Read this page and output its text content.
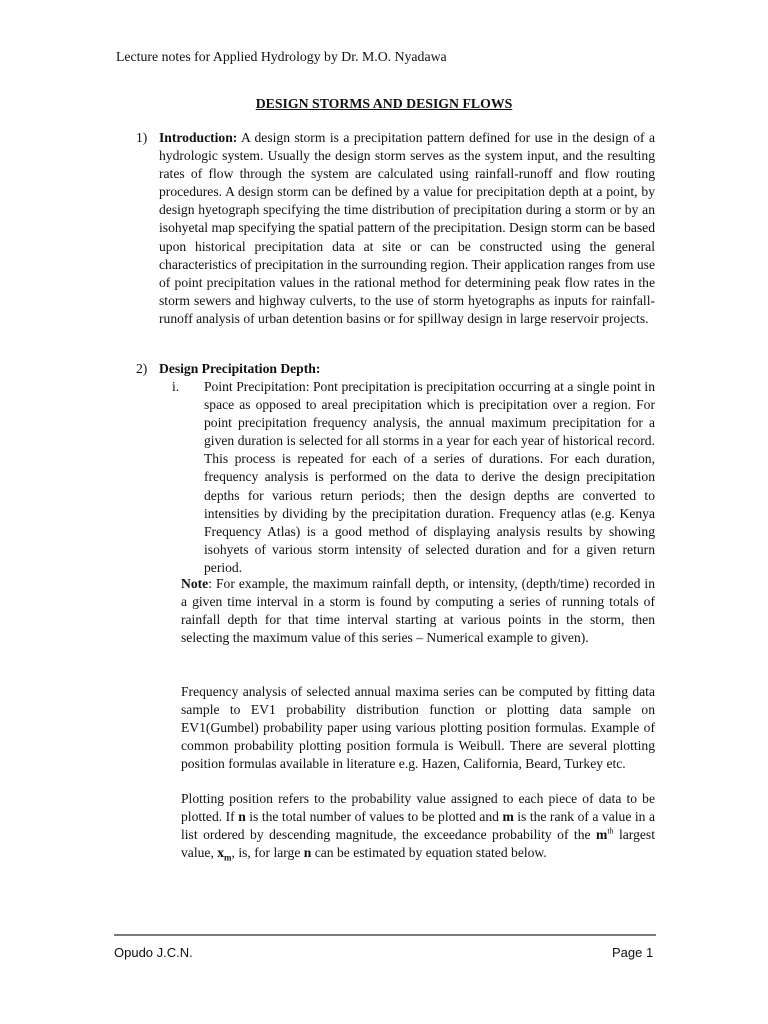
Lecture notes for Applied Hydrology by Dr. M.O. Nyadawa
DESIGN STORMS AND DESIGN FLOWS
1) Introduction: A design storm is a precipitation pattern defined for use in the design of a hydrologic system. Usually the design storm serves as the system input, and the resulting rates of flow through the system are calculated using rainfall-runoff and flow routing procedures. A design storm can be defined by a value for precipitation depth at a point, by design hyetograph specifying the time distribution of precipitation during a storm or by an isohyetal map specifying the spatial pattern of the precipitation. Design storm can be based upon historical precipitation data at site or can be constructed using the general characteristics of precipitation in the surrounding region. Their application ranges from use of point precipitation values in the rational method for determining peak flow rates in the storm sewers and highway culverts, to the use of storm hyetographs as inputs for rainfall-runoff analysis of urban detention basins or for spillway design in large reservoir projects.
2) Design Precipitation Depth:
i.	Point Precipitation: Pont precipitation is precipitation occurring at a single point in space as opposed to areal precipitation which is precipitation over a region. For point precipitation frequency analysis, the annual maximum precipitation for a given duration is selected for all storms in a year for each year of historical record. This process is repeated for each of a series of durations. For each duration, frequency analysis is performed on the data to derive the design precipitation depths for various return periods; then the design depths are converted to intensities by dividing by the precipitation duration. Frequency atlas (e.g. Kenya Frequency Atlas) is a good method of displaying analysis results by showing isohyets of various storm intensity of selected duration and for a given return period.
Note: For example, the maximum rainfall depth, or intensity, (depth/time) recorded in a given time interval in a storm is found by computing a series of running totals of rainfall depth for that time interval starting at various points in the storm, then selecting the maximum value of this series – Numerical example to given).
Frequency analysis of selected annual maxima series can be computed by fitting data sample to EV1 probability distribution function or plotting data sample on EV1(Gumbel) probability paper using various plotting position formulas. Example of common probability plotting position formula is Weibull. There are several plotting position formulas available in literature e.g. Hazen, California, Beard, Turkey etc.
Plotting position refers to the probability value assigned to each piece of data to be plotted. If n is the total number of values to be plotted and m is the rank of a value in a list ordered by descending magnitude, the exceedance probability of the $m^{th}$ largest value, $x_m$, is, for large n can be estimated by equation stated below.
Opudo J.C.N.	Page 1
